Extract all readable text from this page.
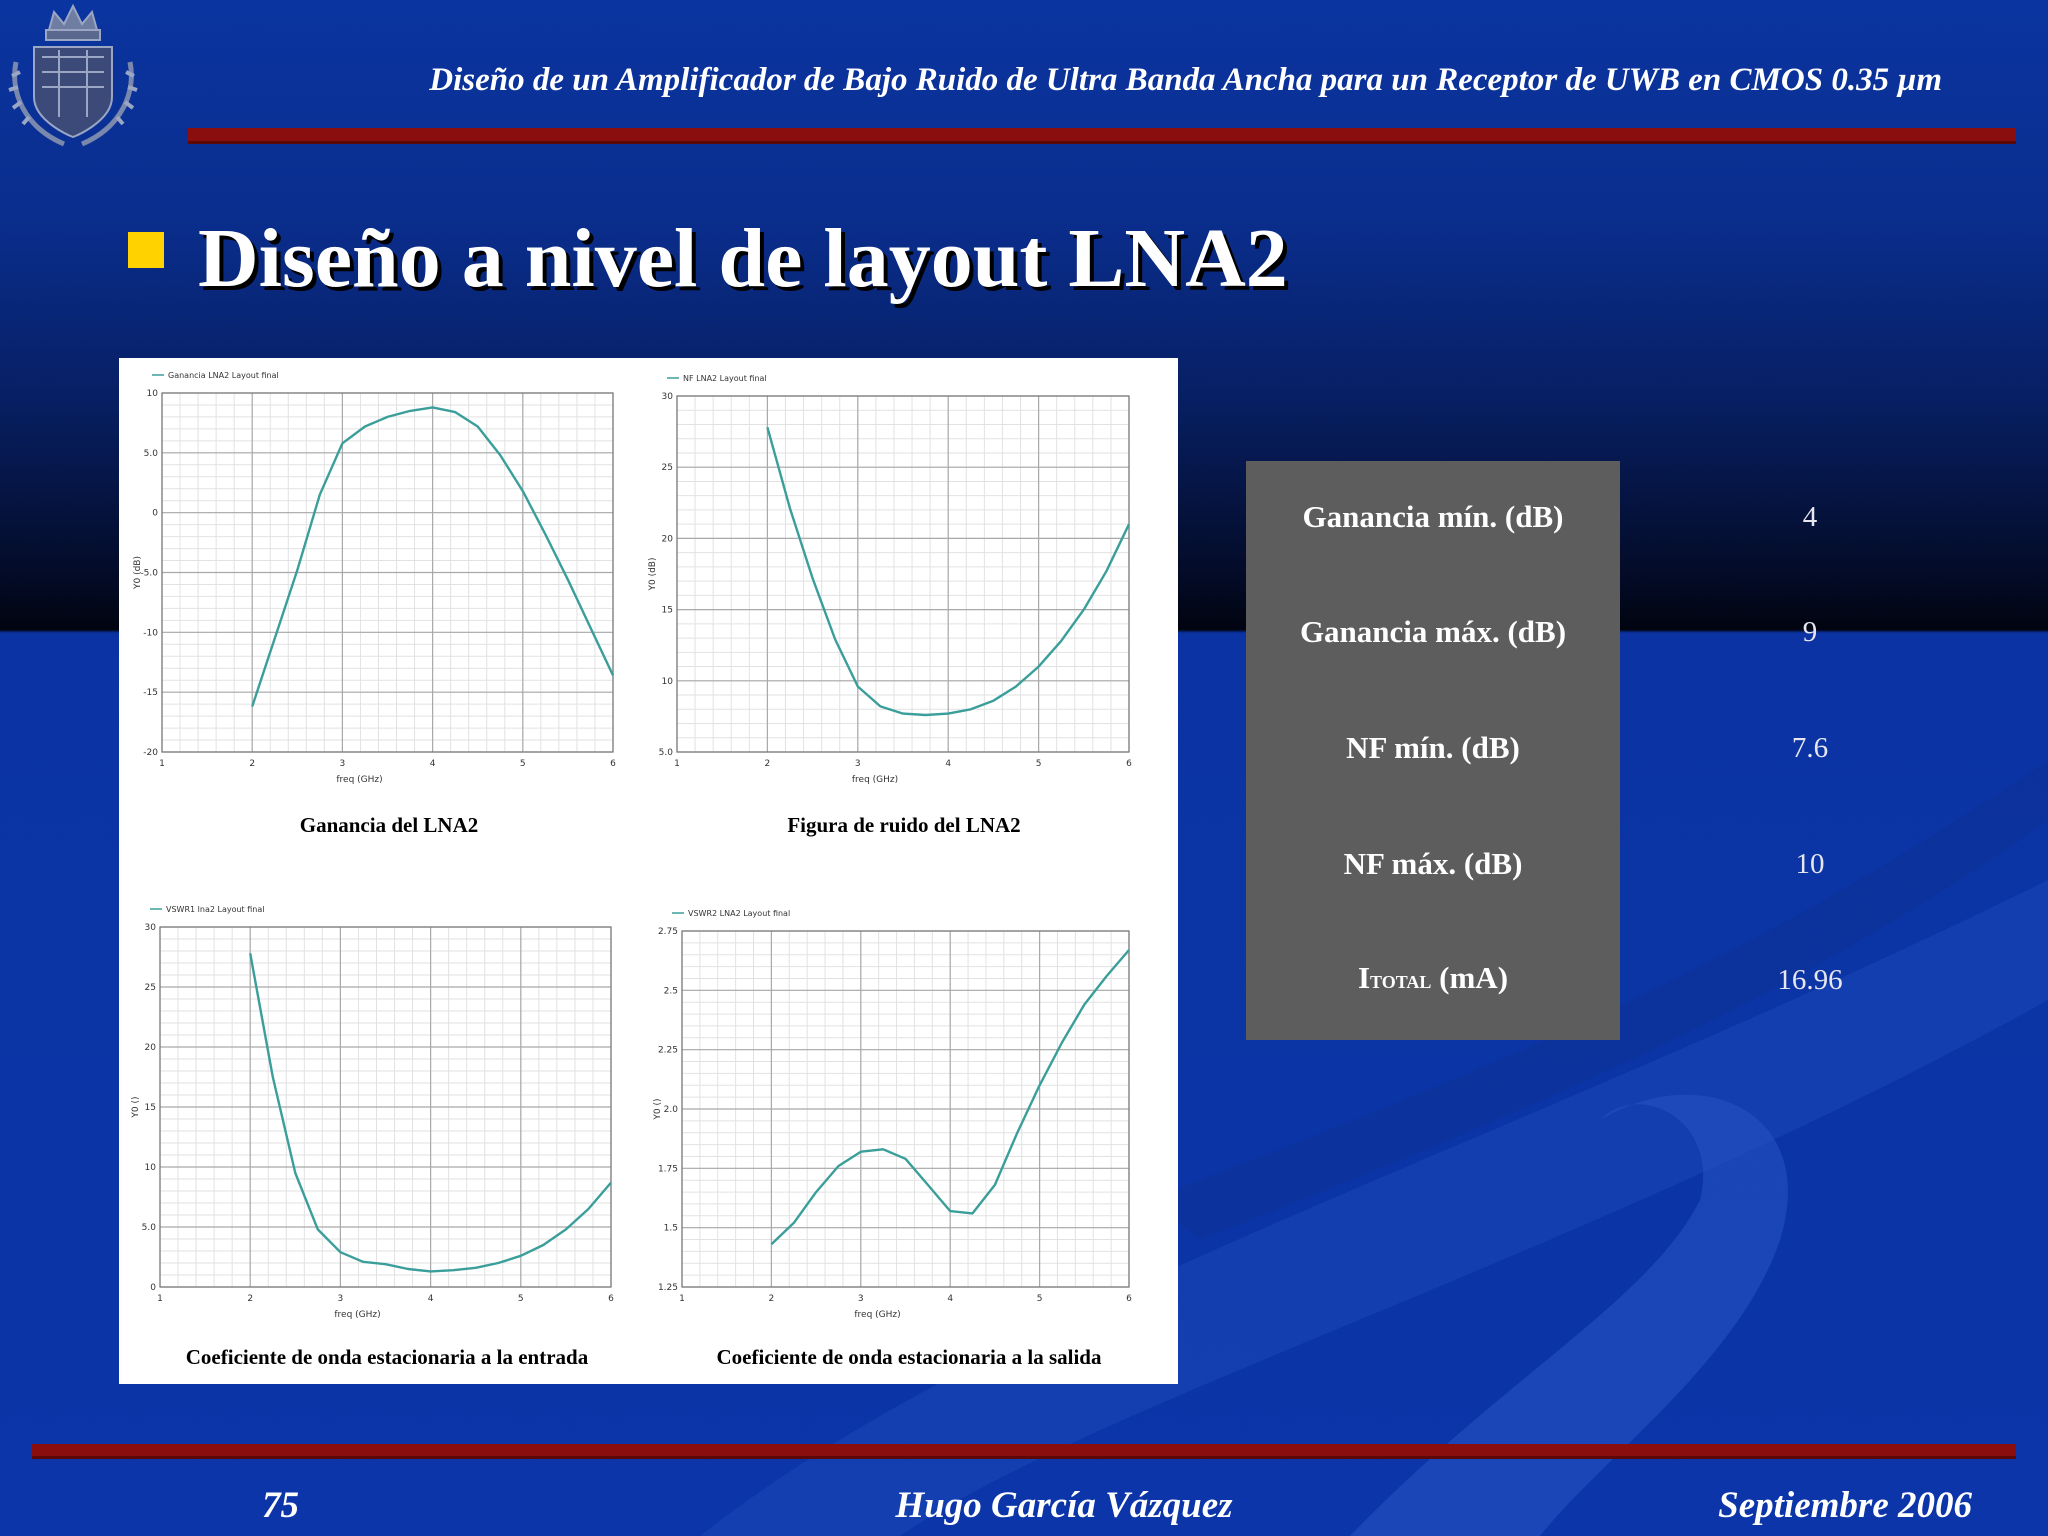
Diseño de un Amplificador de Bajo Ruido de Ultra Banda Ancha para un Receptor de UWB en CMOS 0.35 µm
Diseño a nivel de layout LNA2
1	2	3	4	5	6
10
5.0
0
-5.0
-10
-15
-20
freq (GHz)
Y0 (dB)
Ganancia LNA2 Layout final
Ganancia del LNA2
1	2	3	4	5	6
30
25
20
15
10
5.0
freq (GHz)
Y0 (dB)
NF LNA2 Layout final
Figura de ruido del LNA2
1	2	3	4	5	6
30
25
20
15
10
5.0
0
freq (GHz)
Y0 ()
VSWR1 lna2 Layout final
Coeficiente de onda estacionaria a la entrada
1	2	3	4	5	6
2.75
2.5
2.25
2.0
1.75
1.5
1.25
freq (GHz)
Y0 ()
VSWR2 LNA2 Layout final
Coeficiente de onda estacionaria a la salida
Ganancia mín. (dB)	4
Ganancia máx. (dB)	9
NF mín. (dB)	7.6
NF máx. (dB)	10
ITOTAL (mA)	16.96
75	Hugo García Vázquez	Septiembre 2006
